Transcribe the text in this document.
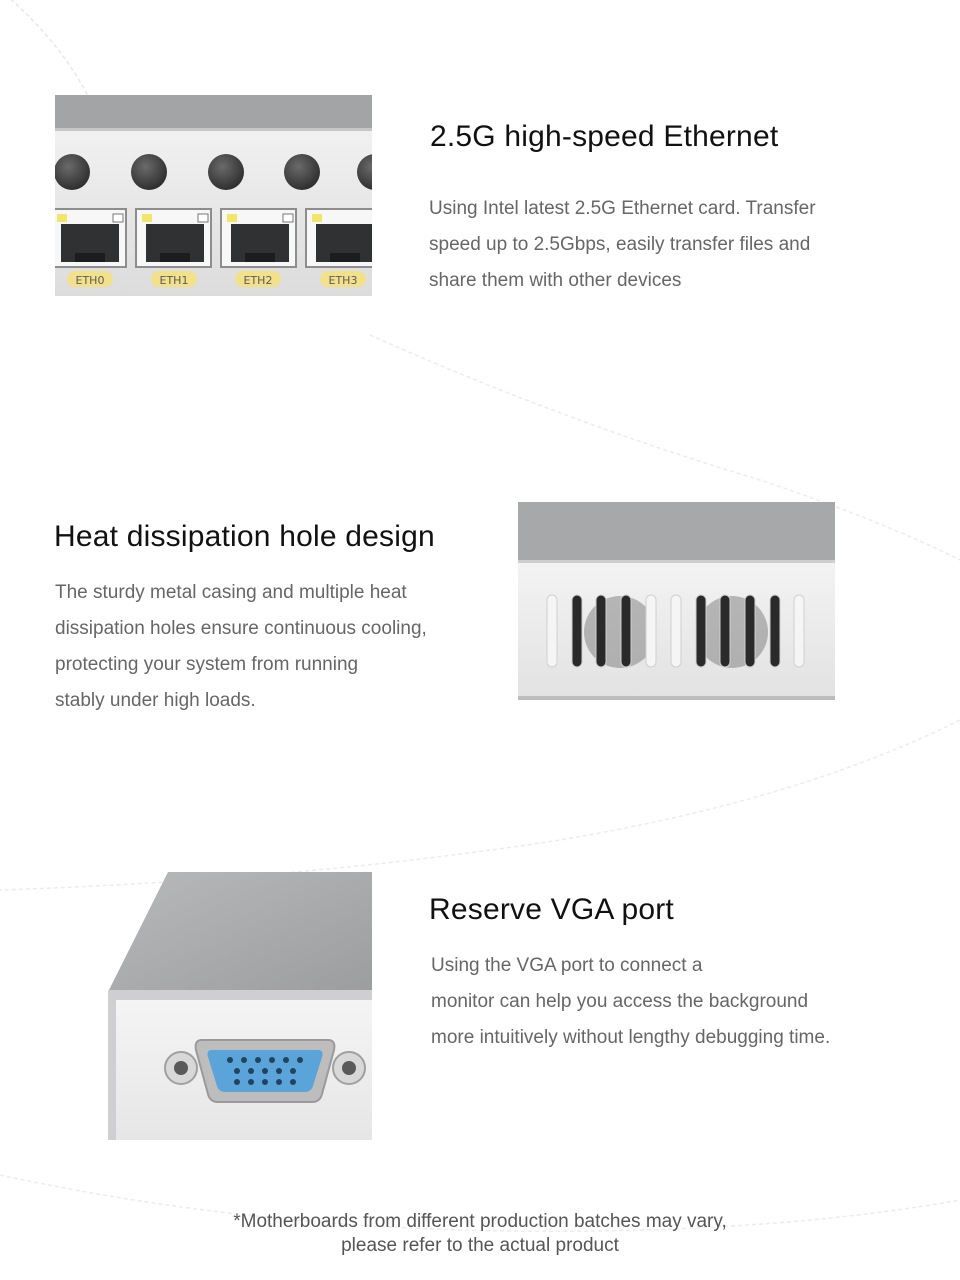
ETH0	ETH1	ETH2	ETH3
2.5G high-speed Ethernet
Using Intel latest 2.5G Ethernet card. Transfer
speed up to 2.5Gbps, easily transfer files and
share them with other devices
Heat dissipation hole design
The sturdy metal casing and multiple heat
dissipation holes ensure continuous cooling,
protecting your system from running
stably under high loads.
Reserve VGA port
Using the VGA port to connect a
monitor can help you access the background
more intuitively without lengthy debugging time.
*Motherboards from different production batches may vary,
please refer to the actual product
